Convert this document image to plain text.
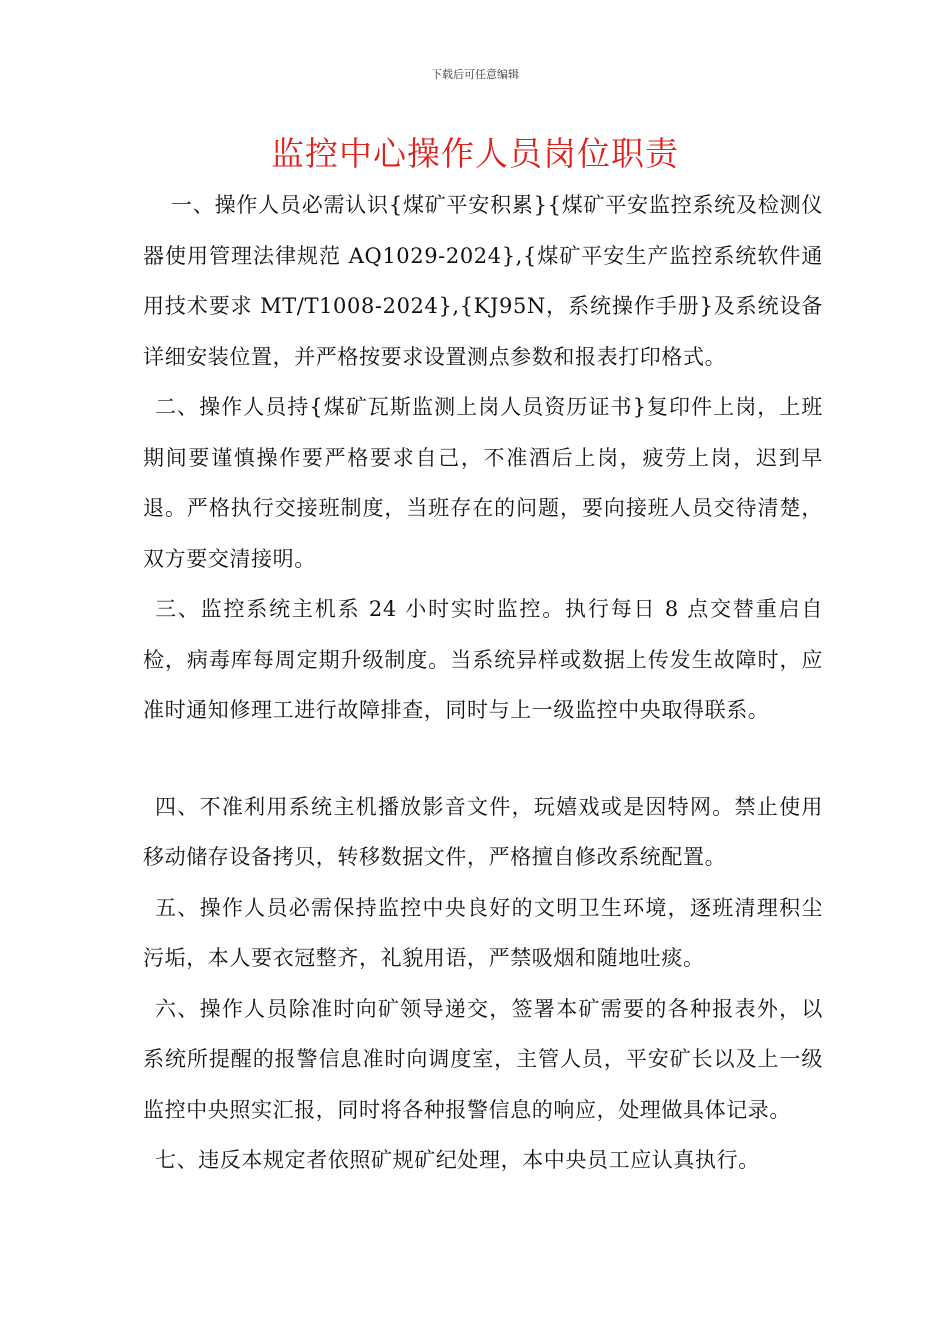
下载后可任意编辑
监控中心操作人员岗位职责

一、操作人员必需认识{煤矿平安积累}{煤矿平安监控系统及检测仪器使用管理法律规范 AQ1029-2024},{煤矿平安生产监控系统软件通用技术要求 MT/T1008-2024},{KJ95N，系统操作手册}及系统设备详细安装位置，并严格按要求设置测点参数和报表打印格式。

二、操作人员持{煤矿瓦斯监测上岗人员资历证书}复印件上岗，上班期间要谨慎操作要严格要求自己，不准酒后上岗，疲劳上岗，迟到早退。严格执行交接班制度，当班存在的问题，要向接班人员交待清楚，双方要交清接明。

三、监控系统主机系 24 小时实时监控。执行每日 8 点交替重启自检，病毒库每周定期升级制度。当系统异样或数据上传发生故障时，应准时通知修理工进行故障排查，同时与上一级监控中央取得联系。

四、不准利用系统主机播放影音文件，玩嬉戏或是因特网。禁止使用移动储存设备拷贝，转移数据文件，严格擅自修改系统配置。

五、操作人员必需保持监控中央良好的文明卫生环境，逐班清理积尘污垢，本人要衣冠整齐，礼貌用语，严禁吸烟和随地吐痰。

六、操作人员除准时向矿领导递交，签署本矿需要的各种报表外，以系统所提醒的报警信息准时向调度室，主管人员，平安矿长以及上一级监控中央照实汇报，同时将各种报警信息的响应，处理做具体记录。

七、违反本规定者依照矿规矿纪处理，本中央员工应认真执行。
